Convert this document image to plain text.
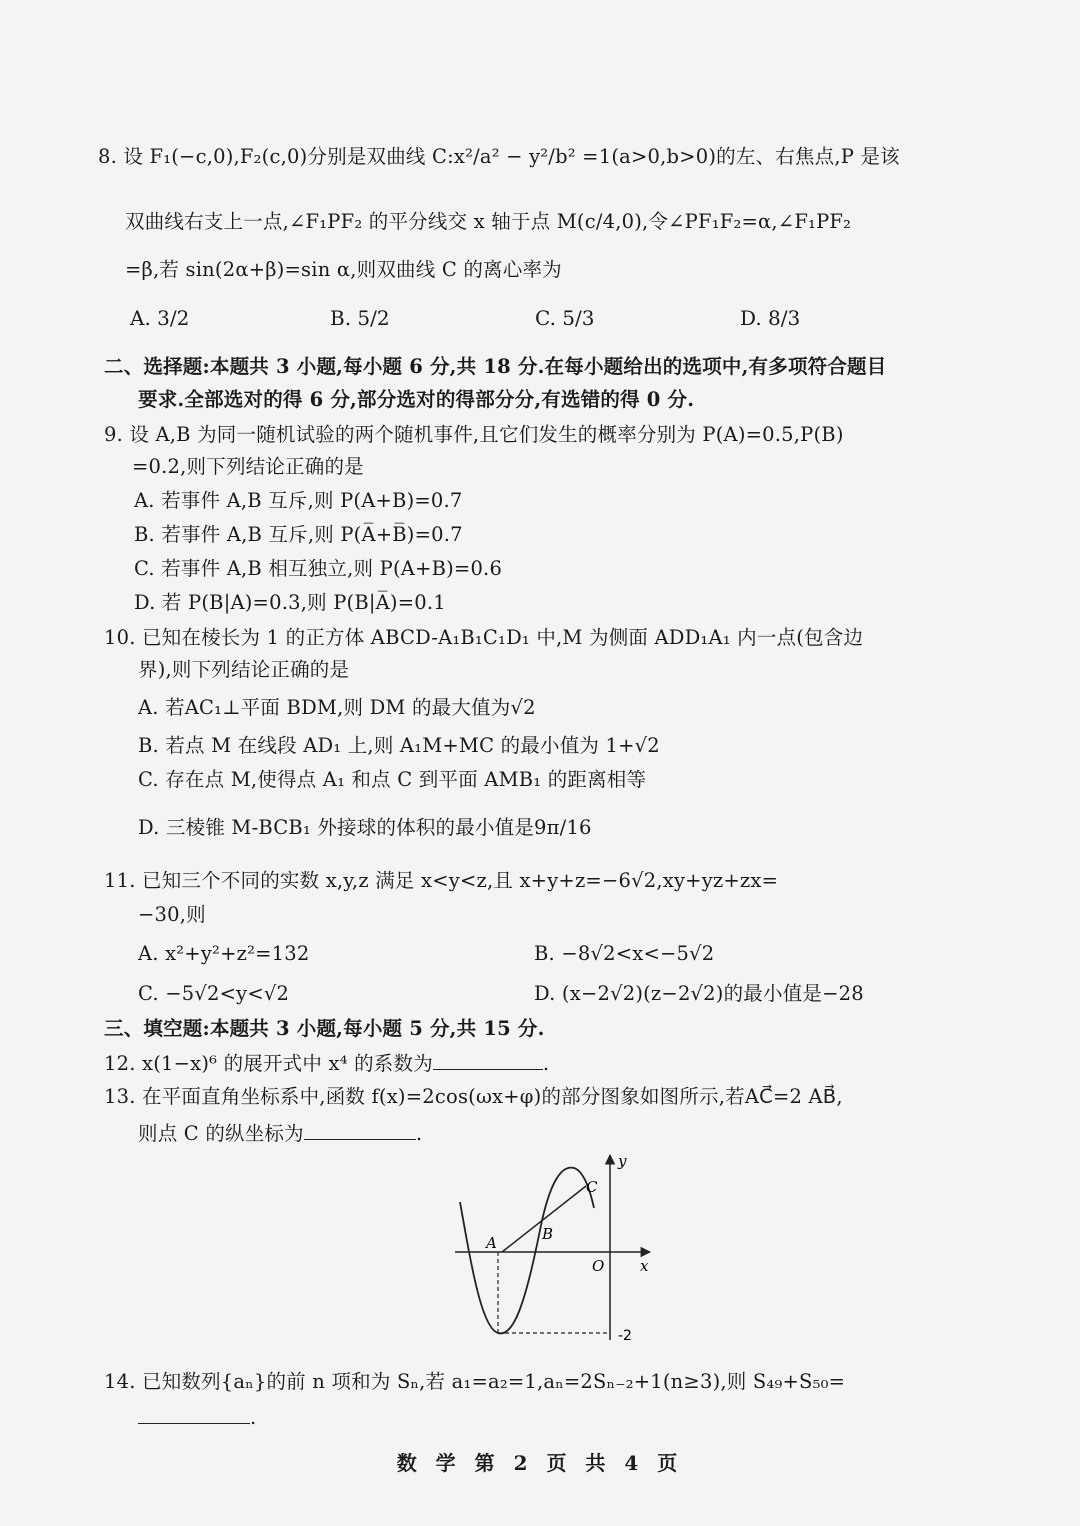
8. 设 F₁(−c,0),F₂(c,0)分别是双曲线 C:x²/a² − y²/b² =1(a>0,b>0)的左、右焦点,P 是该
双曲线右支上一点,∠F₁PF₂ 的平分线交 x 轴于点 M(c/4,0),令∠PF₁F₂=α,∠F₁PF₂
=β,若 sin(2α+β)=sin α,则双曲线 C 的离心率为
A. 3/2	B. 5/2	C. 5/3	D. 8/3
二、选择题:本题共 3 小题,每小题 6 分,共 18 分.在每小题给出的选项中,有多项符合题目
要求.全部选对的得 6 分,部分选对的得部分分,有选错的得 0 分.
9. 设 A,B 为同一随机试验的两个随机事件,且它们发生的概率分别为 P(A)=0.5,P(B)
=0.2,则下列结论正确的是
A. 若事件 A,B 互斥,则 P(A+B)=0.7
B. 若事件 A,B 互斥,则 P(A̅+B̅)=0.7
C. 若事件 A,B 相互独立,则 P(A+B)=0.6
D. 若 P(B|A)=0.3,则 P(B|A̅)=0.1
10. 已知在棱长为 1 的正方体 ABCD-A₁B₁C₁D₁ 中,M 为侧面 ADD₁A₁ 内一点(包含边
界),则下列结论正确的是
A. 若AC₁⊥平面 BDM,则 DM 的最大值为√2
B. 若点 M 在线段 AD₁ 上,则 A₁M+MC 的最小值为 1+√2
C. 存在点 M,使得点 A₁ 和点 C 到平面 AMB₁ 的距离相等
D. 三棱锥 M-BCB₁ 外接球的体积的最小值是9π/16
11. 已知三个不同的实数 x,y,z 满足 x<y<z,且 x+y+z=−6√2,xy+yz+zx=
−30,则
A. x²+y²+z²=132	B. −8√2<x<−5√2
C. −5√2<y<√2	D. (x−2√2)(z−2√2)的最小值是−28
三、填空题:本题共 3 小题,每小题 5 分,共 15 分.
12. x(1−x)⁶ 的展开式中 x⁴ 的系数为	.
13. 在平面直角坐标系中,函数 f(x)=2cos(ωx+φ)的部分图象如图所示,若AC⃗=2 AB⃗,
则点 C 的纵坐标为	.
A	B
C
O x
y
-2
14. 已知数列{aₙ}的前 n 项和为 Sₙ,若 a₁=a₂=1,aₙ=2Sₙ₋₂+1(n≥3),则 S₄₉+S₅₀=
.
数 学 第 2 页 共 4 页
